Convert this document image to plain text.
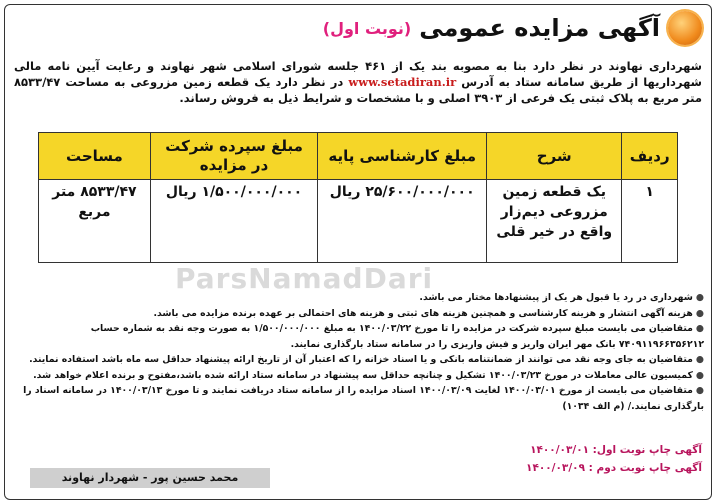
آگهی مزایده عمومی
(نوبت اول)
شهرداری نهاوند در نظر دارد بنا به مصوبه بند یک از ۴۶۱ جلسه شورای اسلامی شهر نهاوند و رعایت آیین نامه مالی شهرداریها از طریق سامانه ستاد به آدرس www.setadiran.ir در نظر دارد یک قطعه زمین مزروعی به مساحت ۸۵۳۳/۴۷ متر مربع به پلاک ثبتی یک فرعی از ۳۹۰۳ اصلی و با مشخصات و شرایط ذیل به فروش رساند.
ردیف	شرح	مبلغ کارشناسی پایه	مبلغ سپرده شرکت در مزایده	مساحت
۱	یک قطعه زمین مزروعی دیم‌زار واقع در خیر قلی	۲۵/۶۰۰/۰۰۰/۰۰۰ ریال	۱/۵۰۰/۰۰۰/۰۰۰ ریال	۸۵۳۳/۴۷ متر مربع
ParsNamadDari
●شهرداری در رد یا قبول هر یک از پیشنهادها مختار می باشد.
●هزینه آگهی انتشار و هزینه کارشناسی و همچنین هزینه های ثبتی و هزینه های احتمالی بر عهده برنده مزایده می باشد.
●متقاضیان می بایست مبلغ سپرده شرکت در مزایده را تا مورخ ۱۴۰۰/۰۳/۲۲ به مبلغ ۱/۵۰۰/۰۰۰/۰۰۰ به صورت وجه نقد به شماره حساب ۷۴۰۹۱۱۹۶۶۳۵۶۲۱۲ بانک مهر ایران واریز و فیش واریزی را در سامانه ستاد بارگذاری نمایند.
●متقاضیان به جای وجه نقد می توانند از ضمانتنامه بانکی و یا اسناد خزانه را که اعتبار آن از تاریخ ارائه پیشنهاد حداقل سه ماه باشد استفاده نمایند.
●کمیسیون عالی معاملات در مورخ ۱۴۰۰/۰۳/۲۳ تشکیل و چنانچه حداقل سه پیشنهاد در سامانه ستاد ارائه شده باشد،مفتوح و برنده اعلام خواهد شد.
●متقاضیان می بایست از مورخ ۱۴۰۰/۰۳/۰۱ لغایت ۱۴۰۰/۰۳/۰۹ اسناد مزایده را از سامانه ستاد دریافت نمایند و تا مورخ ۱۴۰۰/۰۳/۱۳ در سامانه اسناد را بارگذاری نمایند./ (م الف ۱۰۳۴)
آگهی چاپ نوبت اول: ۱۴۰۰/۰۳/۰۱
آگهی چاپ نوبت دوم : ۱۴۰۰/۰۳/۰۹
محمد حسین پور - شهردار نهاوند
